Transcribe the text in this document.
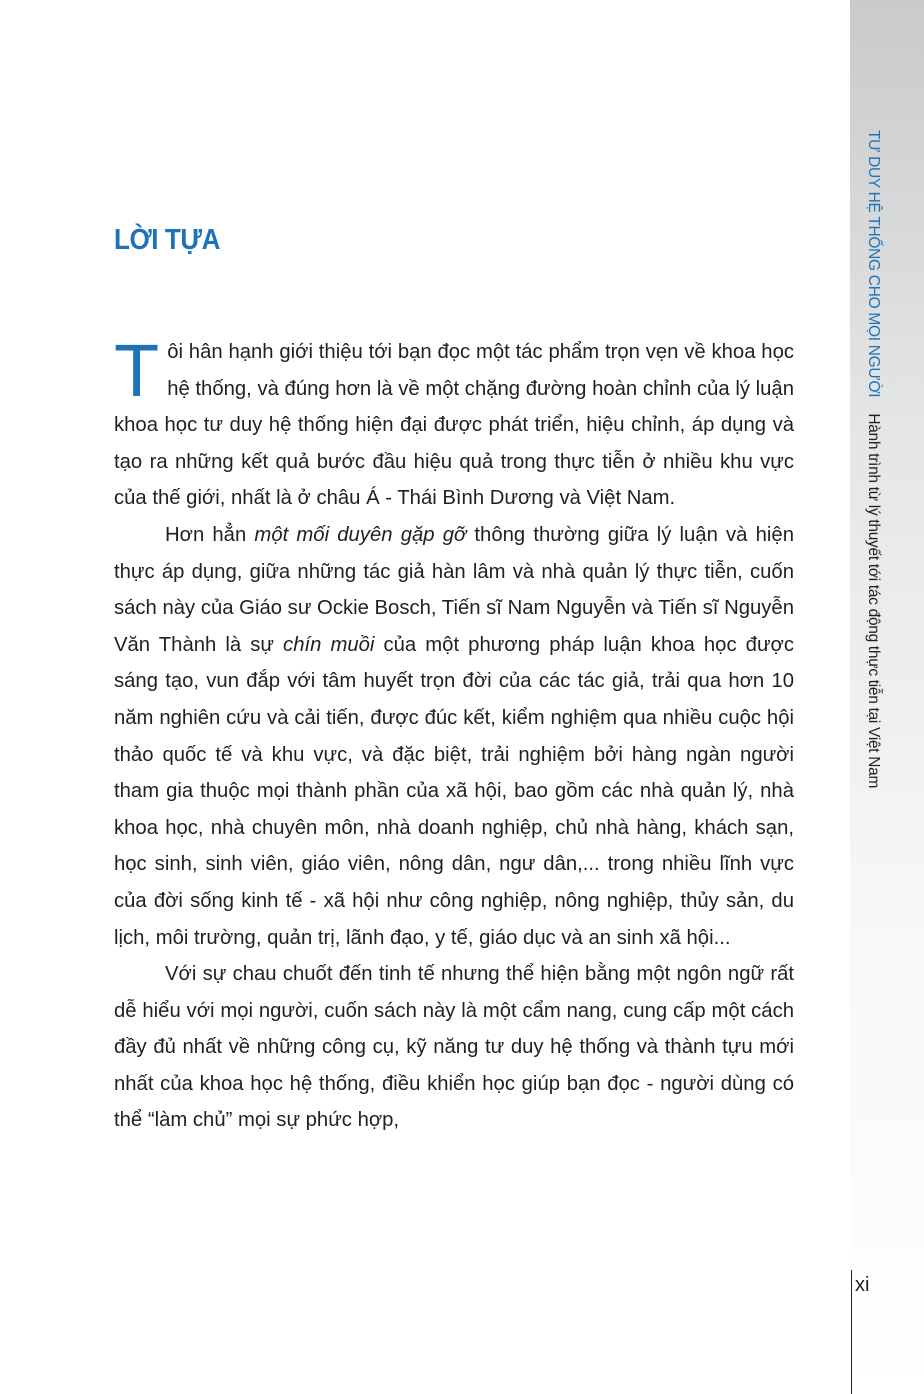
TƯ DUY HỆ THỐNG CHO MỌI NGƯỜI Hành trình từ lý thuyết tới tác động thực tiễn tại Việt Nam
LỜI TỰA

Tôi hân hạnh giới thiệu tới bạn đọc một tác phẩm trọn vẹn về khoa học hệ thống, và đúng hơn là về một chặng đường hoàn chỉnh của lý luận khoa học tư duy hệ thống hiện đại được phát triển, hiệu chỉnh, áp dụng và tạo ra những kết quả bước đầu hiệu quả trong thực tiễn ở nhiều khu vực của thế giới, nhất là ở châu Á - Thái Bình Dương và Việt Nam.

Hơn hẳn một mối duyên gặp gỡ thông thường giữa lý luận và hiện thực áp dụng, giữa những tác giả hàn lâm và nhà quản lý thực tiễn, cuốn sách này của Giáo sư Ockie Bosch, Tiến sĩ Nam Nguyễn và Tiến sĩ Nguyễn Văn Thành là sự chín muồi của một phương pháp luận khoa học được sáng tạo, vun đắp với tâm huyết trọn đời của các tác giả, trải qua hơn 10 năm nghiên cứu và cải tiến, được đúc kết, kiểm nghiệm qua nhiều cuộc hội thảo quốc tế và khu vực, và đặc biệt, trải nghiệm bởi hàng ngàn người tham gia thuộc mọi thành phần của xã hội, bao gồm các nhà quản lý, nhà khoa học, nhà chuyên môn, nhà doanh nghiệp, chủ nhà hàng, khách sạn, học sinh, sinh viên, giáo viên, nông dân, ngư dân,... trong nhiều lĩnh vực của đời sống kinh tế - xã hội như công nghiệp, nông nghiệp, thủy sản, du lịch, môi trường, quản trị, lãnh đạo, y tế, giáo dục và an sinh xã hội...

Với sự chau chuốt đến tinh tế nhưng thể hiện bằng một ngôn ngữ rất dễ hiểu với mọi người, cuốn sách này là một cẩm nang, cung cấp một cách đầy đủ nhất về những công cụ, kỹ năng tư duy hệ thống và thành tựu mới nhất của khoa học hệ thống, điều khiển học giúp bạn đọc - người dùng có thể “làm chủ” mọi sự phức hợp,

xi
